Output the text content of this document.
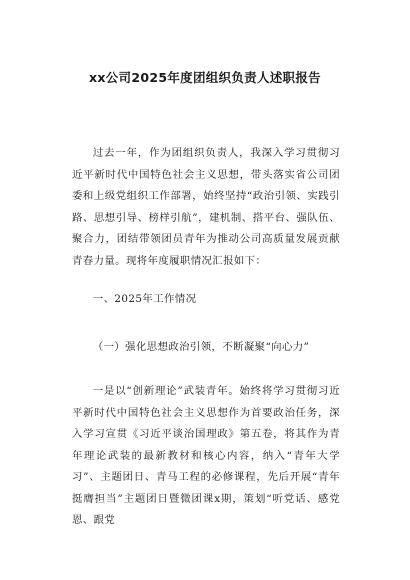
xx公司2025年度团组织负责人述职报告

过去一年，作为团组织负责人，我深入学习贯彻习近平新时代中国特色社会主义思想，带头落实省公司团委和上级党组织工作部署，始终坚持“政治引领、实践引路、思想引导、榜样引航”，建机制、搭平台、强队伍、聚合力，团结带领团员青年为推动公司高质量发展贡献青春力量。现将年度履职情况汇报如下：

一、2025年工作情况

（一）强化思想政治引领，不断凝聚“向心力”

一是以“创新理论”武装青年。始终将学习贯彻习近平新时代中国特色社会主义思想作为首要政治任务，深入学习宣贯《习近平谈治国理政》第五卷，将其作为青年理论武装的最新教材和核心内容，纳入“青年大学习”、主题团日、青马工程的必修课程，先后开展“青年挺膺担当”主题团日暨微团课x期，策划“听党话、感党恩、跟党
